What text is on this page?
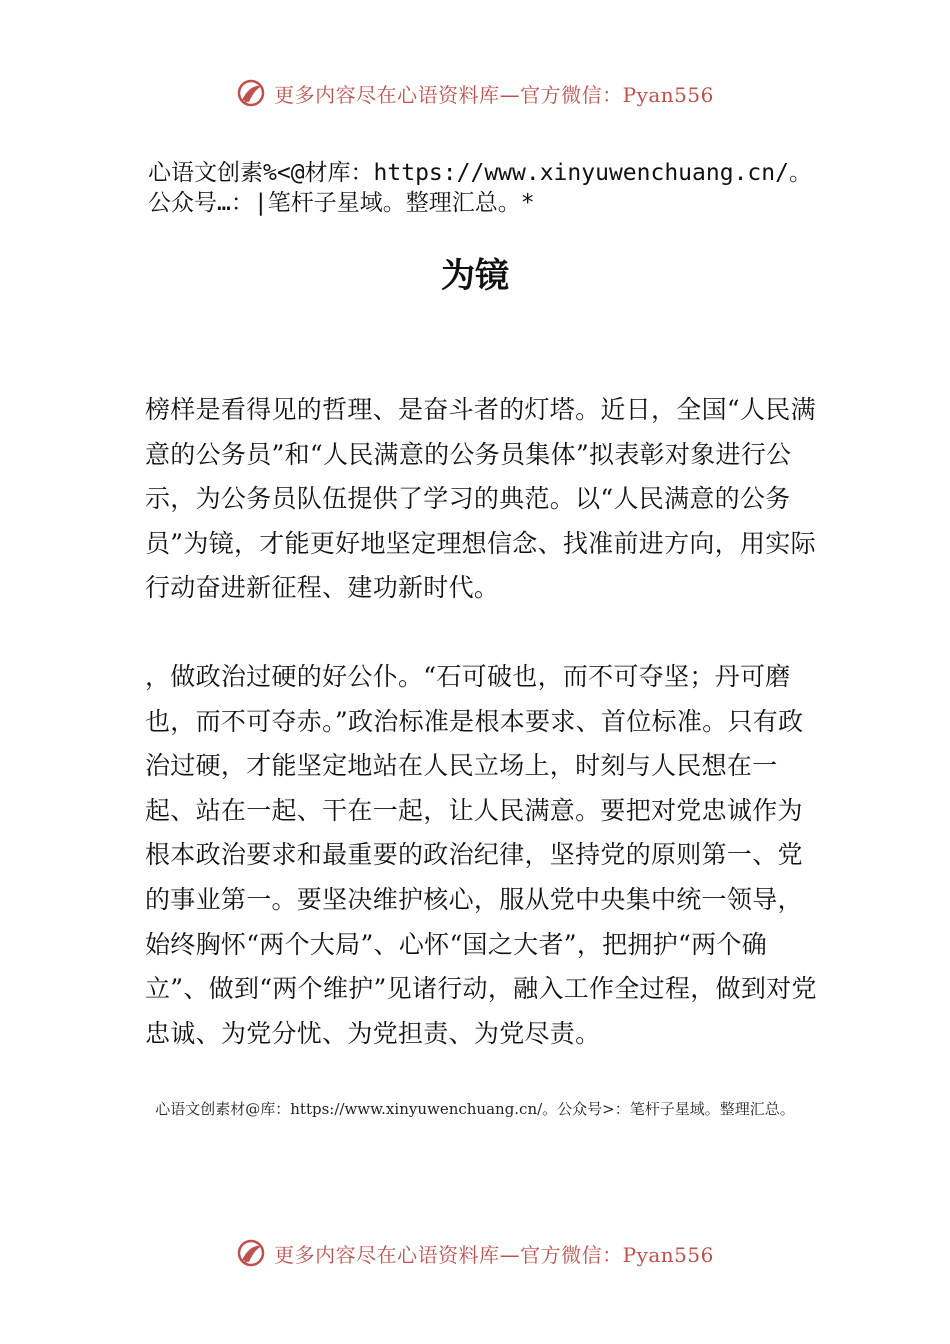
更多内容尽在心语资料库—官方微信：Pyan556
心语文创素%<@材库：https://www.xinyuwenchuang.cn/。
公众号…：|笔杆子星域。整理汇总。*
为镜
榜样是看得见的哲理、是奋斗者的灯塔。近日，全国“人民满意的公务员”和“人民满意的公务员集体”拟表彰对象进行公示，为公务员队伍提供了学习的典范。以“人民满意的公务员”为镜，才能更好地坚定理想信念、找准前进方向，用实际行动奋进新征程、建功新时代。
，做政治过硬的好公仆。“石可破也，而不可夺坚；丹可磨也，而不可夺赤。”政治标准是根本要求、首位标准。只有政治过硬，才能坚定地站在人民立场上，时刻与人民想在一起、站在一起、干在一起，让人民满意。要把对党忠诚作为根本政治要求和最重要的政治纪律，坚持党的原则第一、党的事业第一。要坚决维护核心，服从党中央集中统一领导，始终胸怀“两个大局”、心怀“国之大者”，把拥护“两个确立”、做到“两个维护”见诸行动，融入工作全过程，做到对党忠诚、为党分忧、为党担责、为党尽责。
心语文创素材@库：https://www.xinyuwenchuang.cn/。公众号>：笔杆子星域。整理汇总。
更多内容尽在心语资料库—官方微信：Pyan556
